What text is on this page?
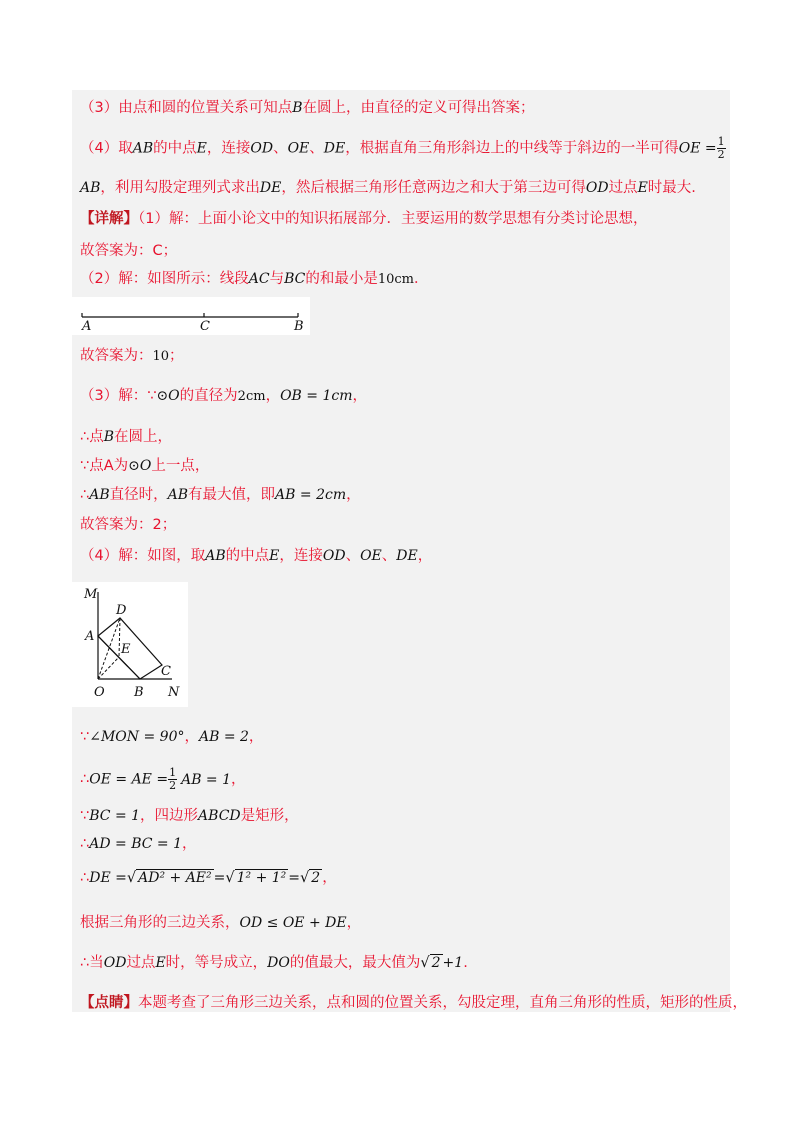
（3）由点和圆的位置关系可知点B在圆上，由直径的定义可得出答案；
（4）取AB的中点E，连接OD、OE、DE，根据直角三角形斜边上的中线等于斜边的一半可得OE = $\frac{1}{2}$
AB，利用勾股定理列式求出DE，然后根据三角形任意两边之和大于第三边可得OD过点E时最大.
【详解】（1）解：上面小论文中的知识拓展部分．主要运用的数学思想有分类讨论思想，
故答案为：C；
（2）解：如图所示：线段AC与BC的和最小是10cm．
A	C	B
故答案为：10；
（3）解：∵⊙O的直径为2cm，OB = 1cm，
∴点B在圆上，
∵点A为⊙O上一点，
∴AB直径时，AB有最大值，即AB = 2cm，
故答案为：2；
（4）解：如图，取AB的中点E，连接OD、OE、DE，
M
D
A
E
C
O B N
∵∠MON = 90°，AB = 2，
∴OE = AE = $\frac{1}{2}$ AB = 1，
∵BC = 1，四边形ABCD是矩形，
∴AD = BC = 1，
∴DE =√ AD² + AE² =√ 1² + 1² =√ 2 ，
根据三角形的三边关系，OD ≤ OE + DE，
∴当OD过点E时，等号成立，DO的值最大，最大值为√ 2 +1.
【点睛】本题考查了三角形三边关系，点和圆的位置关系，勾股定理，直角三角形的性质，矩形的性质，
